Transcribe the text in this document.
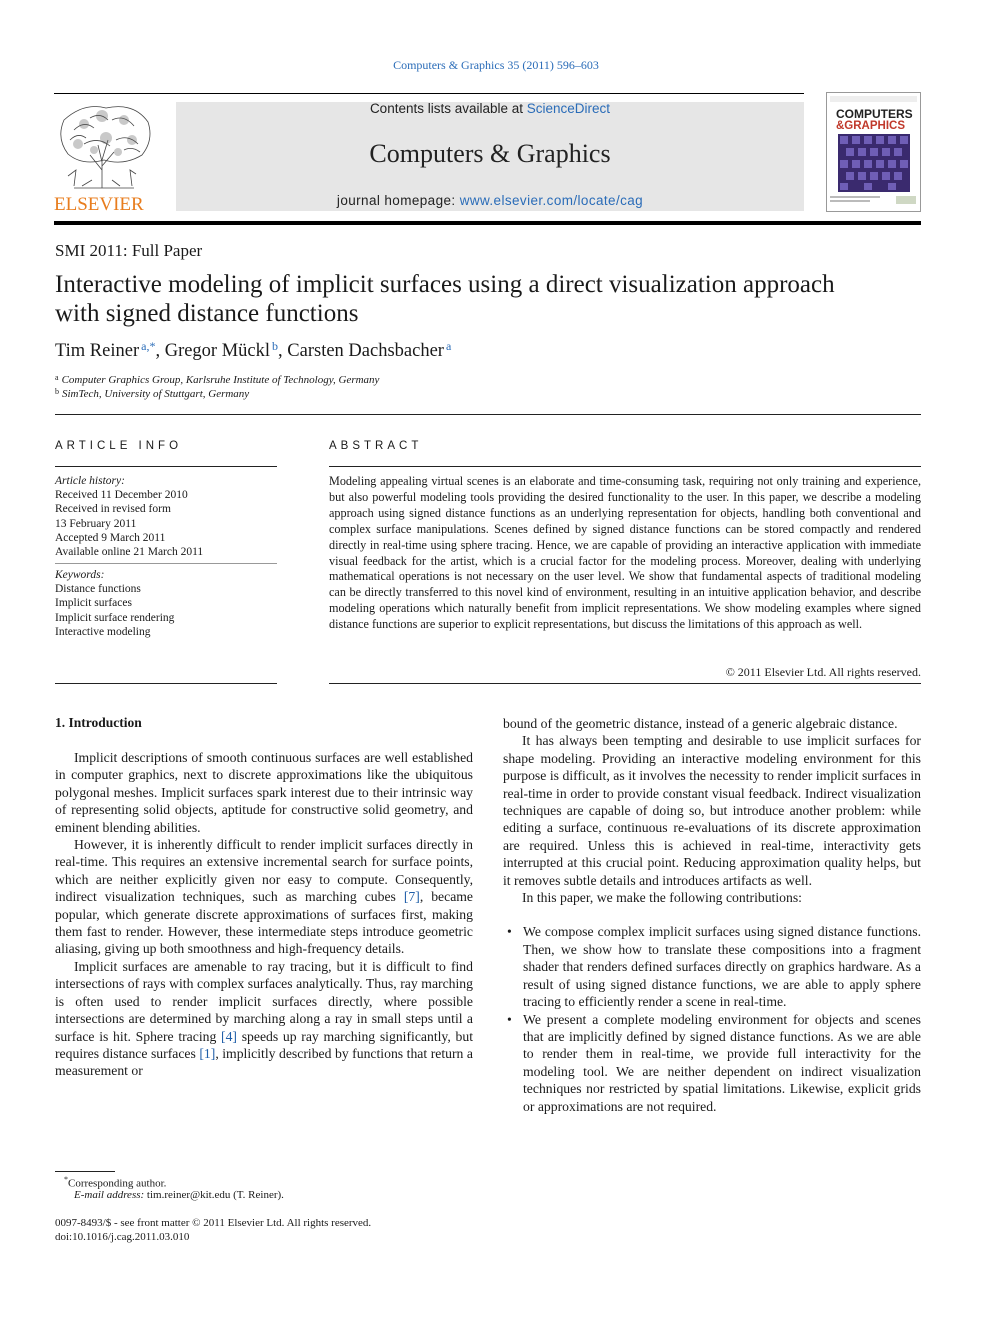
Computers & Graphics 35 (2011) 596–603
ELSEVIER
Contents lists available at ScienceDirect
Computers & Graphics
journal homepage: www.elsevier.com/locate/cag
COMPUTERS
&GRAPHICS
SMI 2011: Full Paper
Interactive modeling of implicit surfaces using a direct visualization approach with signed distance functions
Tim Reiner $^{a,*}$, Gregor Mückl $^b$, Carsten Dachsbacher $^a$
$^a$ Computer Graphics Group, Karlsruhe Institute of Technology, Germany
$^b$ SimTech, University of Stuttgart, Germany
ARTICLE INFO
Article history:
Received 11 December 2010
Received in revised form
13 February 2011
Accepted 9 March 2011
Available online 21 March 2011
Keywords:
Distance functions
Implicit surfaces
Implicit surface rendering
Interactive modeling
ABSTRACT
Modeling appealing virtual scenes is an elaborate and time-consuming task, requiring not only training and experience, but also powerful modeling tools providing the desired functionality to the user. In this paper, we describe a modeling approach using signed distance functions as an underlying representation for objects, handling both conventional and complex surface manipulations. Scenes defined by signed distance functions can be stored compactly and rendered directly in real-time using sphere tracing. Hence, we are capable of providing an interactive application with immediate visual feedback for the artist, which is a crucial factor for the modeling process. Moreover, dealing with underlying mathematical operations is not necessary on the user level. We show that fundamental aspects of traditional modeling can be directly transferred to this novel kind of environment, resulting in an intuitive application behavior, and describe modeling operations which naturally benefit from implicit representations. We show modeling examples where signed distance functions are superior to explicit representations, but discuss the limitations of this approach as well.
© 2011 Elsevier Ltd. All rights reserved.
1. Introduction

Implicit descriptions of smooth continuous surfaces are well established in computer graphics, next to discrete approximations like the ubiquitous polygonal meshes. Implicit surfaces spark interest due to their intrinsic way of representing solid objects, aptitude for constructive solid geometry, and eminent blending abilities.

However, it is inherently difficult to render implicit surfaces directly in real-time. This requires an extensive incremental search for surface points, which are neither explicitly given nor easy to compute. Consequently, indirect visualization techniques, such as marching cubes [7], became popular, which generate discrete approximations of surfaces first, making them fast to render. However, these intermediate steps introduce geometric aliasing, giving up both smoothness and high-frequency details.

Implicit surfaces are amenable to ray tracing, but it is difficult to find intersections of rays with complex surfaces analytically. Thus, ray marching is often used to render implicit surfaces directly, where possible intersections are determined by marching along a ray in small steps until a surface is hit. Sphere tracing [4] speeds up ray marching significantly, but requires distance surfaces [1], implicitly described by functions that return a measurement or

bound of the geometric distance, instead of a generic algebraic distance.

It has always been tempting and desirable to use implicit surfaces for shape modeling. Providing an interactive modeling environment for this purpose is difficult, as it involves the necessity to render implicit surfaces in real-time in order to provide constant visual feedback. Indirect visualization techniques are capable of doing so, but introduce another problem: while editing a surface, continuous re-evaluations of its discrete approximation are required. Unless this is achieved in real-time, interactivity gets interrupted at this crucial point. Reducing approximation quality helps, but it removes subtle details and introduces artifacts as well.

In this paper, we make the following contributions:

• We compose complex implicit surfaces using signed distance functions. Then, we show how to translate these compositions into a fragment shader that renders defined surfaces directly on graphics hardware. As a result of using signed distance functions, we are able to apply sphere tracing to efficiently render a scene in real-time.
• We present a complete modeling environment for objects and scenes that are implicitly defined by signed distance functions. As we are able to render them in real-time, we provide full interactivity for the modeling tool. We are neither dependent on indirect visualization techniques nor restricted by spatial limitations. Likewise, explicit grids or approximations are not required.
*Corresponding author.
E-mail address: tim.reiner@kit.edu (T. Reiner).
0097-8493/$ - see front matter © 2011 Elsevier Ltd. All rights reserved.
doi:10.1016/j.cag.2011.03.010
